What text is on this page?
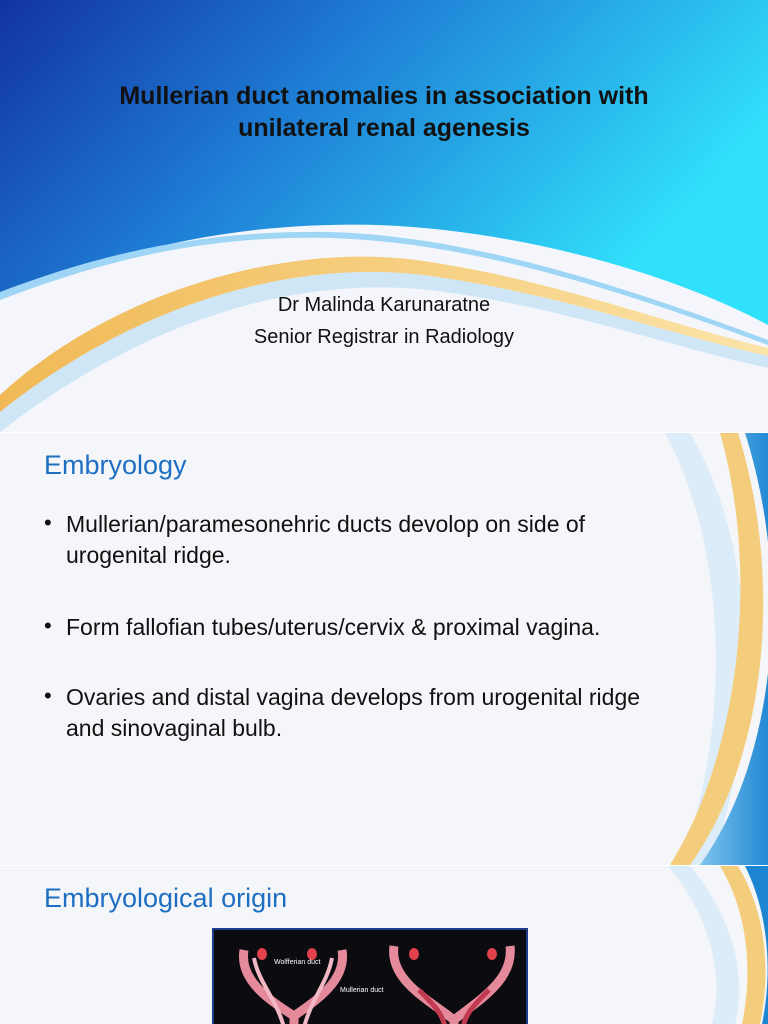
Mullerian duct anomalies in association with
unilateral renal agenesis
Dr Malinda Karunaratne
Senior Registrar in Radiology
Embryology
• Mullerian/paramesonehric ducts devolop on side of
urogenital ridge.
• Form fallofian tubes/uterus/cervix & proximal vagina.
• Ovaries and distal vagina develops from urogenital ridge
and sinovaginal bulb.
Embryological origin
Wolfferian duct
Mullerian duct
